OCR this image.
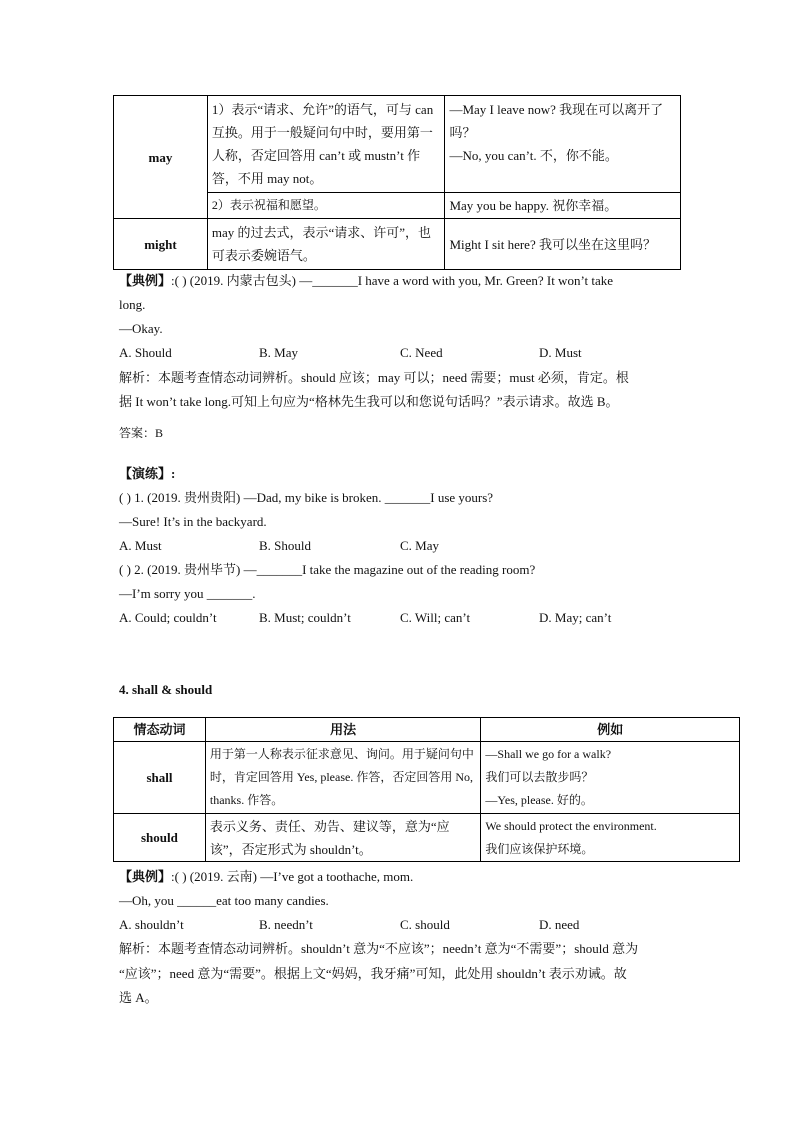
may	1）表示“请求、允许”的语气，可与 can 互换。用于一般疑问句中时，要用第一人称，否定回答用 can’t 或 mustn’t 作答，不用 may not。	—May I leave now? 我现在可以离开了吗？
—No, you can’t. 不，你不能。

	2）表示祝福和愿望。	May you be happy. 祝你幸福。
might	may 的过去式，表示“请求、许可”，也可表示委婉语气。	Might I sit here? 我可以坐在这里吗？
【典例】:( ) (2019. 内蒙古包头) —_______I have a word with you, Mr. Green? It won’t take
long.
—Okay.
A. Should	B. May	C. Need	D. Must
解析：本题考查情态动词辨析。should 应该；may 可以；need 需要；must 必须，肯定。根
据 It won’t take long.可知上句应为“格林先生我可以和您说句话吗？”表示请求。故选 B。
答案：B
【演练】:
( ) 1. (2019. 贵州贵阳) —Dad, my bike is broken. _______I use yours?
—Sure! It’s in the backyard.
A. Must	B. Should	C. May
( ) 2. (2019. 贵州毕节) —_______I take the magazine out of the reading room?
—I’m sorry you _______.
A. Could; couldn’t	B. Must; couldn’t	C. Will; can’t	D. May; can’t
4. shall & should
情态动词	用法	例如
shall	用于第一人称表示征求意见、询问。用于疑问句中时，肯定回答用 Yes, please. 作答，否定回答用 No, thanks. 作答。	—Shall we go for a walk?
我们可以去散步吗？
—Yes, please. 好的。

should	表示义务、责任、劝告、建议等，意为“应该”，否定形式为 shouldn’t。	We should protect the environment.
我们应该保护环境。
【典例】:( ) (2019. 云南) —I’ve got a toothache, mom.
—Oh, you ______eat too many candies.
A. shouldn’t	B. needn’t	C. should	D. need
解析：本题考查情态动词辨析。shouldn’t 意为“不应该”；needn’t 意为“不需要”；should 意为
“应该”；need 意为“需要”。根据上文“妈妈，我牙痛”可知，此处用 shouldn’t 表示劝诫。故
选 A。
